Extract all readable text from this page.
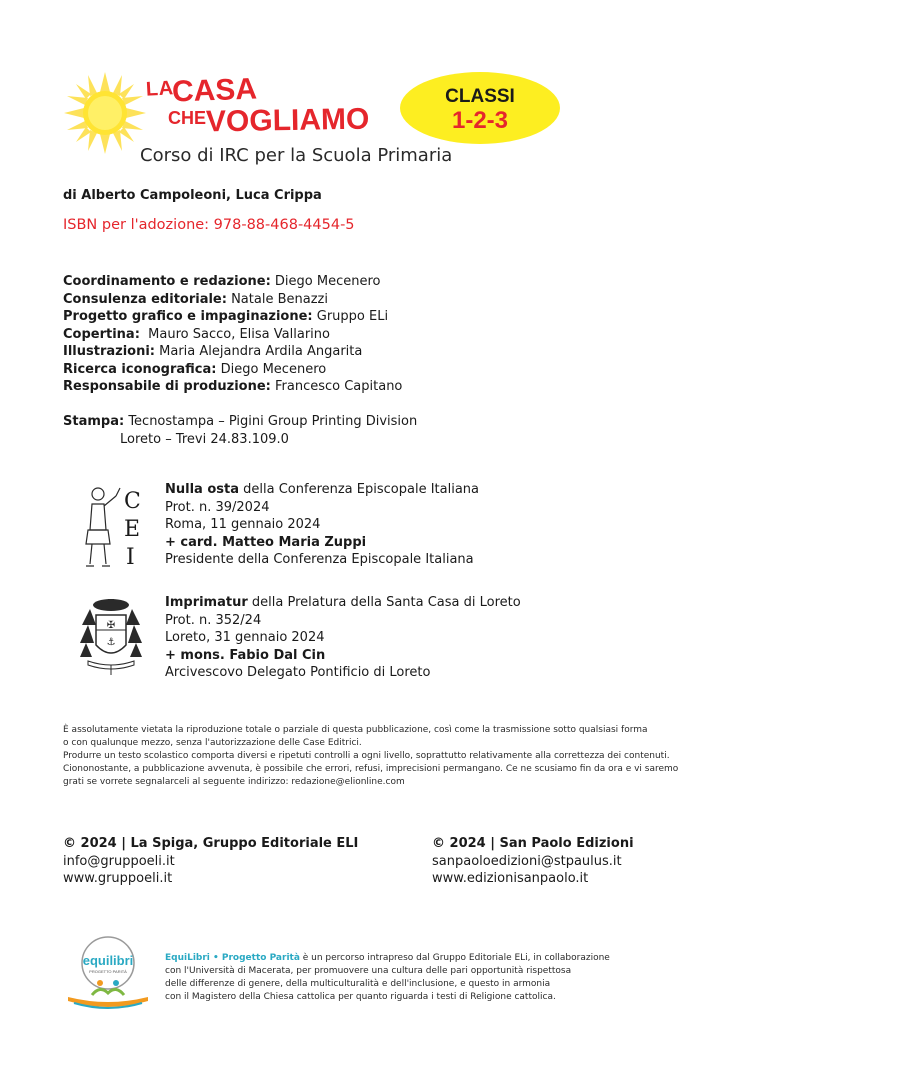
LA
CASA
CHE VOGLIAMO
Corso di IRC per la Scuola Primaria
CLASSI
1-2-3
di Alberto Campoleoni, Luca Crippa
ISBN per l'adozione: 978-88-468-4454-5
Coordinamento e redazione: Diego Mecenero
Consulenza editoriale: Natale Benazzi
Progetto grafico e impaginazione: Gruppo ELi
Copertina:  Mauro Sacco, Elisa Vallarino
Illustrazioni: Maria Alejandra Ardila Angarita
Ricerca iconografica: Diego Mecenero
Responsabile di produzione: Francesco Capitano
Stampa: Tecnostampa – Pigini Group Printing Division
Loreto – Trevi 24.83.109.0
C
E
I
Nulla osta della Conferenza Episcopale Italiana
Prot. n. 39/2024
Roma, 11 gennaio 2024
+ card. Matteo Maria Zuppi
Presidente della Conferenza Episcopale Italiana
✠
⚓
Imprimatur della Prelatura della Santa Casa di Loreto
Prot. n. 352/24
Loreto, 31 gennaio 2024
+ mons. Fabio Dal Cin
Arcivescovo Delegato Pontificio di Loreto
È assolutamente vietata la riproduzione totale o parziale di questa pubblicazione, così come la trasmissione sotto qualsiasi forma
o con qualunque mezzo, senza l'autorizzazione delle Case Editrici.
Produrre un testo scolastico comporta diversi e ripetuti controlli a ogni livello, soprattutto relativamente alla correttezza dei contenuti.
Ciononostante, a pubblicazione avvenuta, è possibile che errori, refusi, imprecisioni permangano. Ce ne scusiamo fin da ora e vi saremo
grati se vorrete segnalarceli al seguente indirizzo: redazione@elionline.com
© 2024 | La Spiga, Gruppo Editoriale ELI
info@gruppoeli.it
www.gruppoeli.it
© 2024 | San Paolo Edizioni
sanpaoloedizioni@stpaulus.it
www.edizionisanpaolo.it
equilibri
PROGETTO PARITÀ
EquiLibri • Progetto Parità è un percorso intrapreso dal Gruppo Editoriale ELi, in collaborazione
con l'Università di Macerata, per promuovere una cultura delle pari opportunità rispettosa
delle differenze di genere, della multiculturalità e dell'inclusione, e questo in armonia
con il Magistero della Chiesa cattolica per quanto riguarda i testi di Religione cattolica.
